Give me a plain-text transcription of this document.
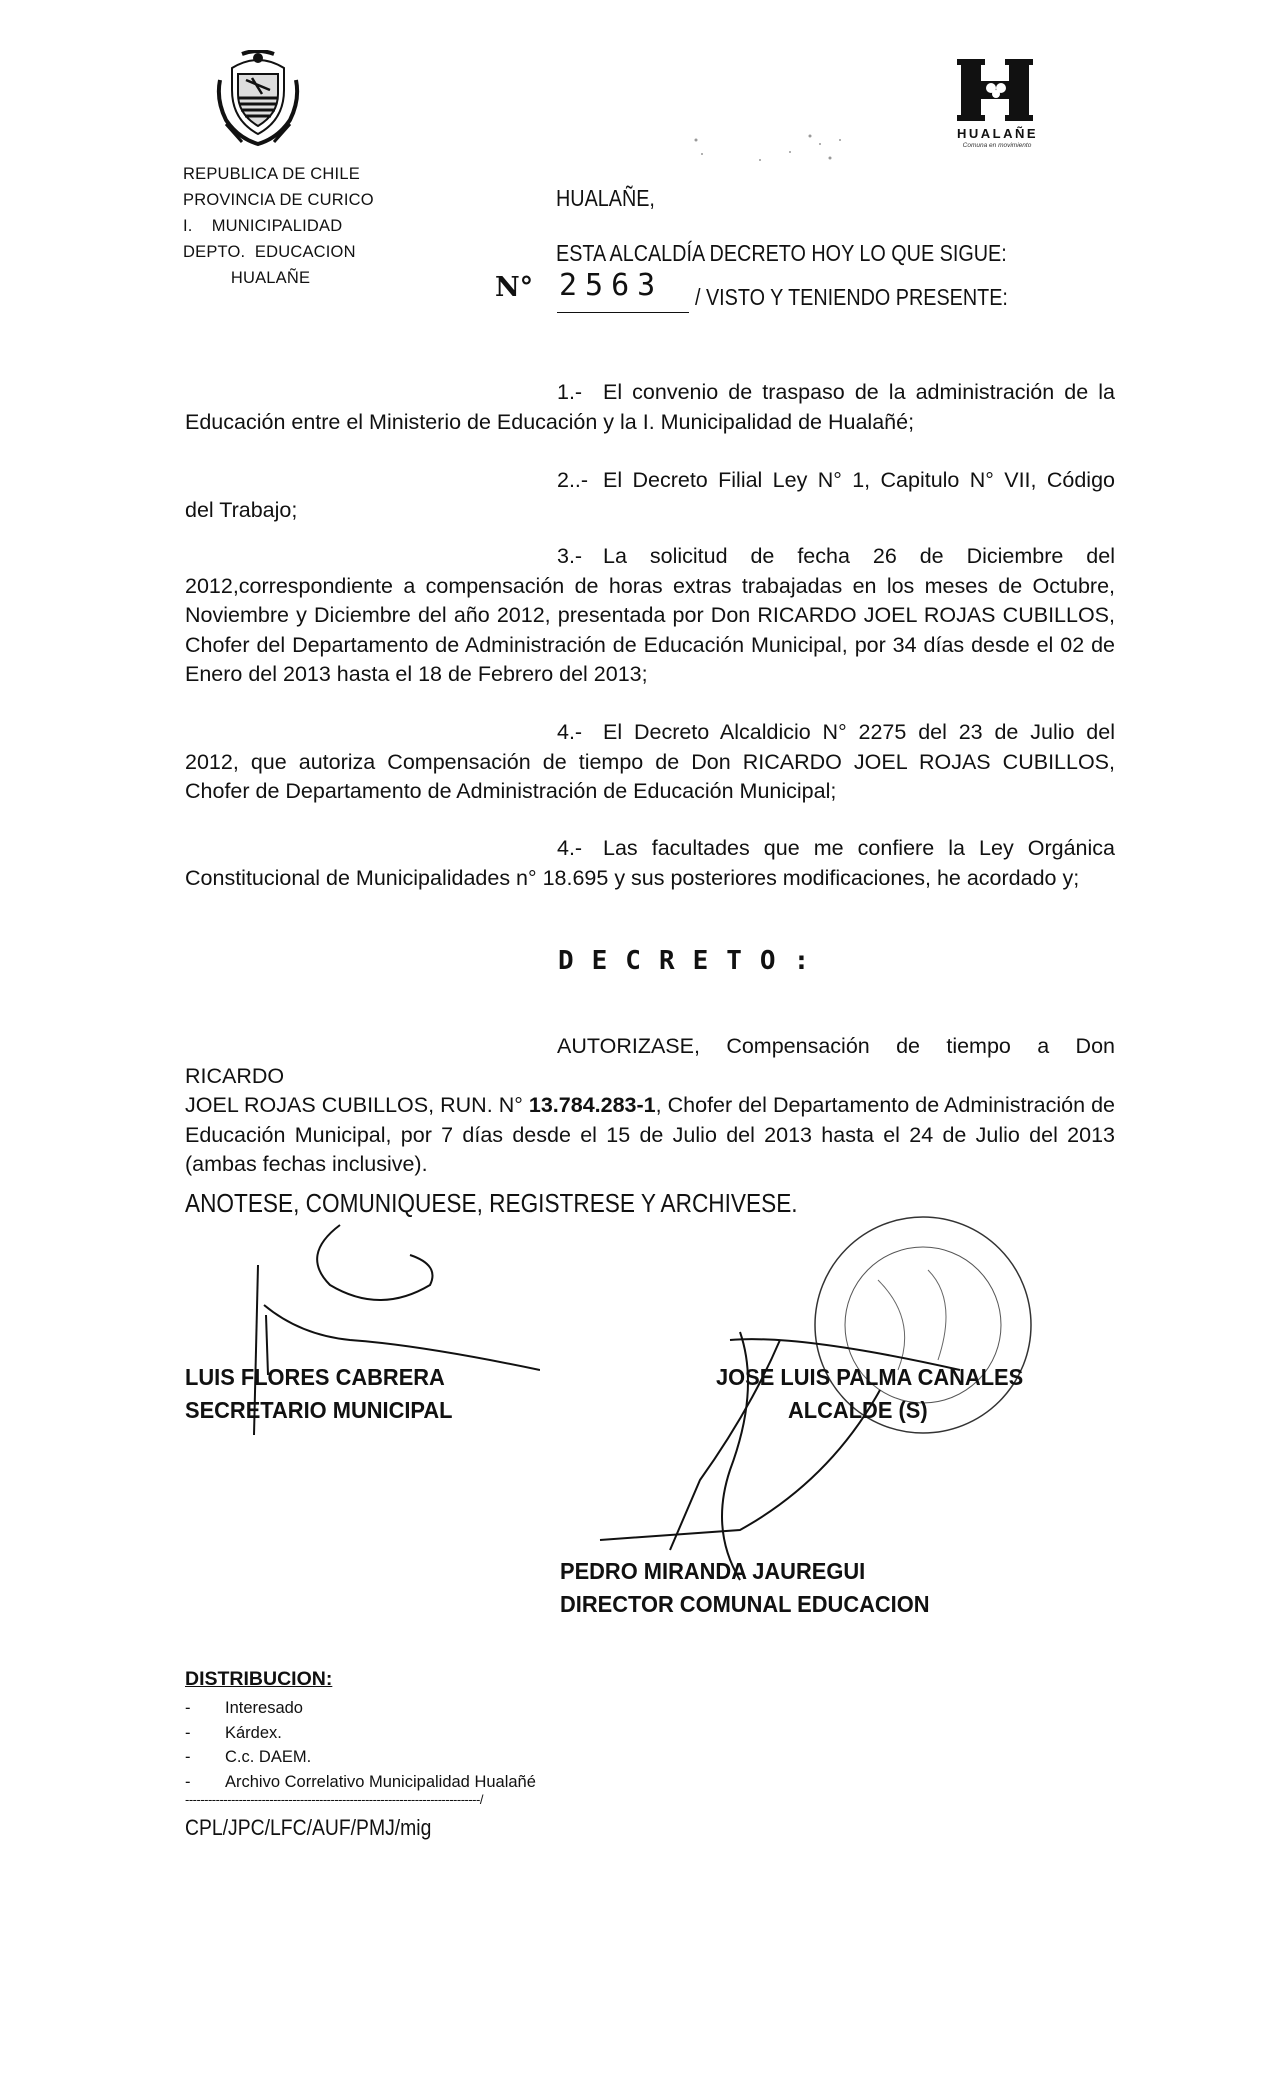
REPUBLICA DE CHILE
PROVINCIA DE CURICO
I.    MUNICIPALIDAD
DEPTO.  EDUCACION
HUALAÑE
HUALAÑE
Comuna en movimiento
HUALAÑE,
ESTA ALCALDÍA DECRETO HOY LO QUE SIGUE:
N° 2563 / VISTO Y TENIENDO PRESENTE:
1.- El convenio de traspaso de la administración de la
Educación entre el Ministerio de Educación y la I. Municipalidad de Hualañé;
2..- El Decreto Filial Ley N° 1, Capitulo N° VII, Código
del Trabajo;
3.- La solicitud de fecha 26 de Diciembre del
2012,correspondiente a compensación de horas extras trabajadas en los meses de Octubre, Noviembre y Diciembre del año 2012, presentada por Don RICARDO JOEL ROJAS CUBILLOS, Chofer del Departamento de Administración de Educación Municipal, por 34 días desde el 02 de Enero del 2013 hasta el 18 de Febrero del 2013;
4.- El Decreto Alcaldicio N° 2275 del 23 de Julio del
2012, que autoriza Compensación de tiempo de Don RICARDO JOEL ROJAS CUBILLOS, Chofer de Departamento de Administración de Educación Municipal;
4.- Las facultades que me confiere la Ley Orgánica
Constitucional de Municipalidades n° 18.695 y sus posteriores modificaciones, he acordado y;
DECRETO:
AUTORIZASE, Compensación de tiempo a Don RICARDO
JOEL ROJAS CUBILLOS, RUN. N° 13.784.283-1, Chofer del Departamento de Administración de Educación Municipal, por 7 días desde el 15 de Julio del 2013 hasta el 24 de Julio del 2013 (ambas fechas inclusive).
ANOTESE, COMUNIQUESE, REGISTRESE Y ARCHIVESE.
LUIS FLORES CABRERA
SECRETARIO MUNICIPAL
JOSE LUIS PALMA CANALES
ALCALDE (S)
PEDRO MIRANDA JAUREGUI
DIRECTOR COMUNAL EDUCACION
DISTRIBUCION:
-	Interesado
-	Kárdex.
-	C.c. DAEM.
-	Archivo Correlativo Municipalidad Hualañé
-----------------------------------------------------------------------------/
CPL/JPC/LFC/AUF/PMJ/mig
